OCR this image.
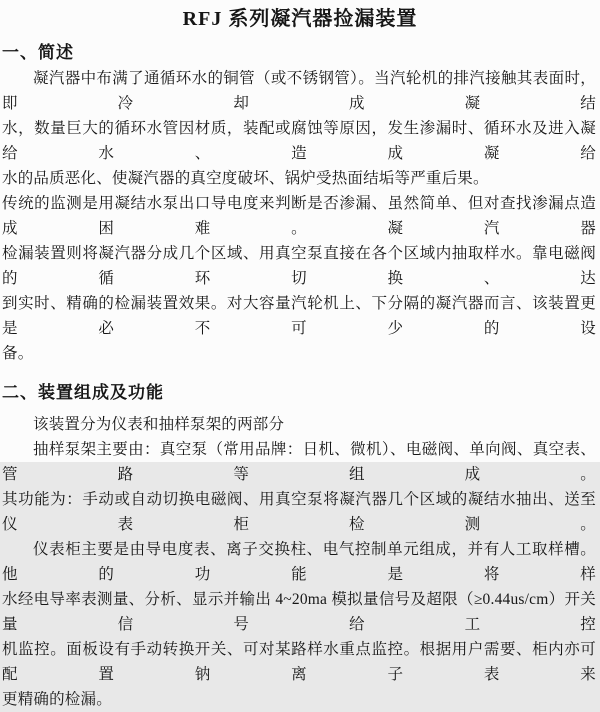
RFJ 系列凝汽器捡漏装置
一、简述

凝汽器中布满了通循环水的铜管（或不锈钢管）。当汽轮机的排汽接触其表面时，即冷却成凝结

水，数量巨大的循环水管因材质，装配或腐蚀等原因，发生渗漏时、循环水及进入凝给水、造成凝给

水的品质恶化、使凝汽器的真空度破坏、锅炉受热面结垢等严重后果。

传统的监测是用凝结水泵出口导电度来判断是否渗漏、虽然简单、但对查找渗漏点造成困难。凝汽器

检漏装置则将凝汽器分成几个区域、用真空泵直接在各个区域内抽取样水。靠电磁阀的循环切换、达

到实时、精确的检漏装置效果。对大容量汽轮机上、下分隔的凝汽器而言、该装置更是必不可少的设

备。

二、装置组成及功能

该装置分为仪表和抽样泵架的两部分

抽样泵架主要由：真空泵（常用品牌：日机、微机）、电磁阀、单向阀、真空表、管路等组成。

其功能为：手动或自动切换电磁阀、用真空泵将凝汽器几个区域的凝结水抽出、送至仪表柜检测。

仪表柜主要是由导电度表、离子交换柱、电气控制单元组成，并有人工取样槽。他的功能是将样

水经电导率表测量、分析、显示并输出 4~20ma 模拟量信号及超限（≥0.44us/cm）开关量信号给工控

机监控。面板设有手动转换开关、可对某路样水重点监控。根据用户需要、柜内亦可配置钠离子表来

更精确的检漏。
